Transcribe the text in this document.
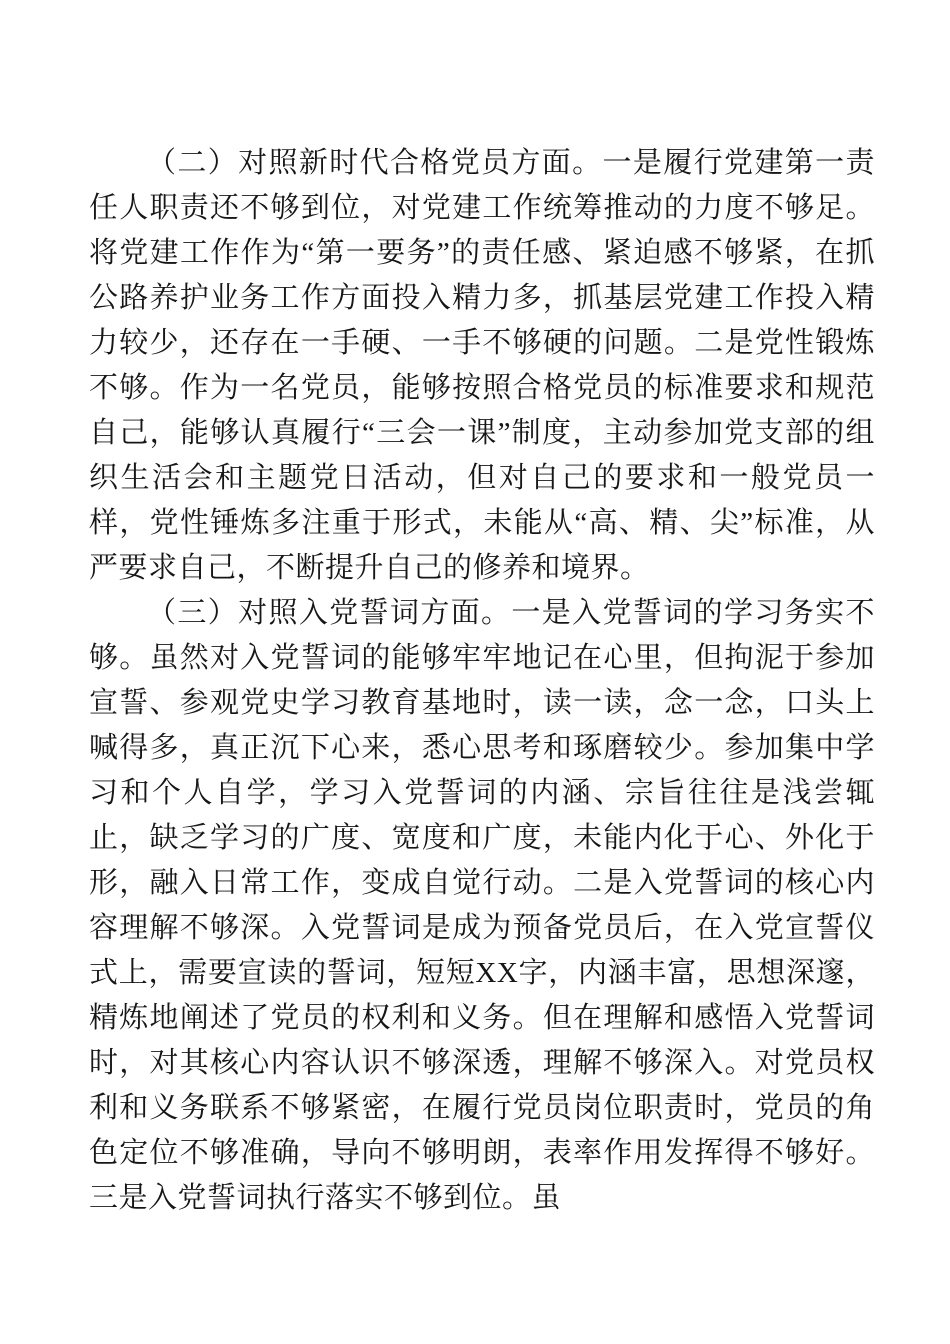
（二）对照新时代合格党员方面。一是履行党建第一责任人职责还不够到位，对党建工作统筹推动的力度不够足。将党建工作作为“第一要务”的责任感、紧迫感不够紧，在抓公路养护业务工作方面投入精力多，抓基层党建工作投入精力较少，还存在一手硬、一手不够硬的问题。二是党性锻炼不够。作为一名党员，能够按照合格党员的标准要求和规范自己，能够认真履行“三会一课”制度，主动参加党支部的组织生活会和主题党日活动，但对自己的要求和一般党员一样，党性锤炼多注重于形式，未能从“高、精、尖”标准，从严要求自己，不断提升自己的修养和境界。

（三）对照入党誓词方面。一是入党誓词的学习务实不够。虽然对入党誓词的能够牢牢地记在心里，但拘泥于参加宣誓、参观党史学习教育基地时，读一读，念一念，口头上喊得多，真正沉下心来，悉心思考和琢磨较少。参加集中学习和个人自学，学习入党誓词的内涵、宗旨往往是浅尝辄止，缺乏学习的广度、宽度和广度，未能内化于心、外化于形，融入日常工作，变成自觉行动。二是入党誓词的核心内容理解不够深。入党誓词是成为预备党员后，在入党宣誓仪式上，需要宣读的誓词，短短XX字，内涵丰富，思想深邃，精炼地阐述了党员的权利和义务。但在理解和感悟入党誓词时，对其核心内容认识不够深透，理解不够深入。对党员权利和义务联系不够紧密，在履行党员岗位职责时，党员的角色定位不够准确，导向不够明朗，表率作用发挥得不够好。三是入党誓词执行落实不够到位。虽
